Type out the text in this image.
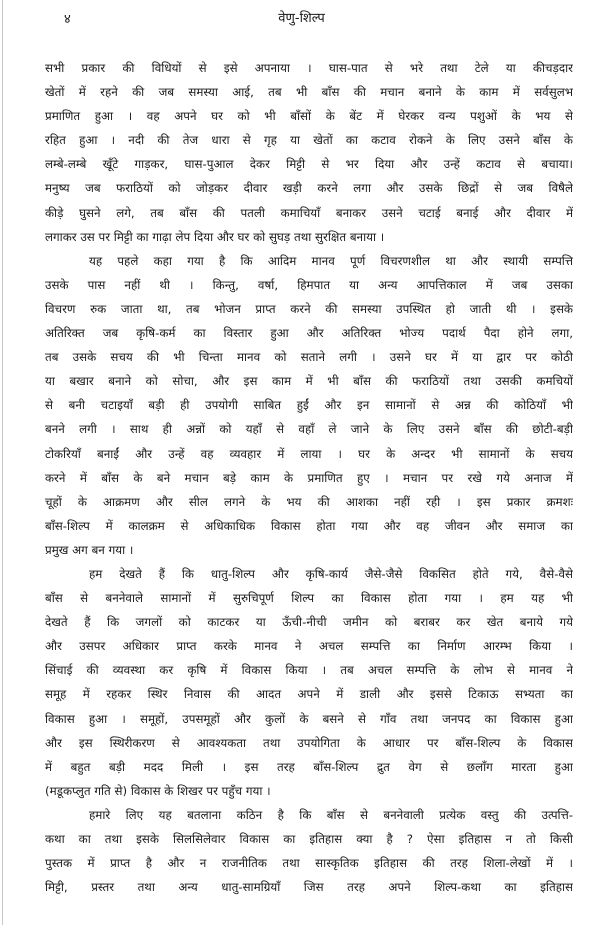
४	वेणु-शिल्प
सभी प्रकार की विधियों से इसे अपनाया । घास-पात से भरे तथा टेले या कीचड़दार
खेतों में रहने की जब समस्या आई, तब भी बाँस की मचान बनाने के काम में सर्वसुलभ
प्रमाणित हुआ । वह अपने घर को भी बाँसों के बेंट में घेरकर वन्य पशुओं के भय से
रहित हुआ । नदी की तेज धारा से गृह या खेतों का कटाव रोकने के लिए उसने बाँस के
लम्बे-लम्बे खूँटे गाड़कर, घास-पुआल देकर मिट्टी से भर दिया और उन्हें कटाव से बचाया।
मनुष्य जब फराठियों को जोड़कर दीवार खड़ी करने लगा और उसके छिद्रों से जब विषैले
कीड़े घुसने लगे, तब बाँस की पतली कमाचियाँ बनाकर उसने चटाई बनाई और दीवार में
लगाकर उस पर मिट्टी का गाढ़ा लेप दिया और घर को सुघड़ तथा सुरक्षित बनाया ।
यह पहले कहा गया है कि आदिम मानव पूर्ण विचरणशील था और स्थायी सम्पत्ति
उसके पास नहीं थी । किन्तु, वर्षा, हिमपात या अन्य आपत्तिकाल में जब उसका
विचरण रुक जाता था, तब भोजन प्राप्त करने की समस्या उपस्थित हो जाती थी । इसके
अतिरिक्त जब कृषि-कर्म का विस्तार हुआ और अतिरिक्त भोज्य पदार्थ पैदा होने लगा,
तब उसके सचय की भी चिन्ता मानव को सताने लगी । उसने घर में या द्वार पर कोठी
या बखार बनाने को सोचा, और इस काम में भी बाँस की फराठियों तथा उसकी कमचियों
से बनी चटाइयाँ बड़ी ही उपयोगी साबित हुईं और इन सामानों से अन्न की कोठियाँ भी
बनने लगी । साथ ही अन्नों को यहाँ से वहाँ ले जाने के लिए उसने बाँस की छोटी-बड़ी
टोकरियाँ बनाईं और उन्हें वह व्यवहार में लाया । घर के अन्दर भी सामानों के सचय
करने में बाँस के बने मचान बड़े काम के प्रमाणित हुए । मचान पर रखे गये अनाज में
चूहों के आक्रमण और सील लगने के भय की आशका नहीं रही । इस प्रकार क्रमशः
बाँस-शिल्प में कालक्रम से अधिकाधिक विकास होता गया और वह जीवन और समाज का
प्रमुख अग बन गया ।
हम देखते हैं कि धातु-शिल्प और कृषि-कार्य जैसे-जैसे विकसित होते गये, वैसे-वैसे
बाँस से बननेवाले सामानों में सुरुचिपूर्ण शिल्प का विकास होता गया । हम यह भी
देखते हैं कि जगलों को काटकर या ऊँची-नीची जमीन को बराबर कर खेत बनाये गये
और उसपर अधिकार प्राप्त करके मानव ने अचल सम्पत्ति का निर्माण आरम्भ किया ।
सिंचाई की व्यवस्था कर कृषि में विकास किया । तब अचल सम्पत्ति के लोभ से मानव ने
समूह में रहकर स्थिर निवास की आदत अपने में डाली और इससे टिकाऊ सभ्यता का
विकास हुआ । समूहों, उपसमूहों और कुलों के बसने से गाँव तथा जनपद का विकास हुआ
और इस स्थिरीकरण से आवश्यकता तथा उपयोगिता के आधार पर बाँस-शिल्प के विकास
में बहुत बड़ी मदद मिली । इस तरह बाँस-शिल्प द्रुत वेग से छलाँग मारता हुआ
(मडूकप्लुत गति से) विकास के शिखर पर पहुँच गया ।
हमारे लिए यह बतलाना कठिन है कि बाँस से बननेवाली प्रत्येक वस्तु की उत्पत्ति-
कथा का तथा इसके सिलसिलेवार विकास का इतिहास क्या है ? ऐसा इतिहास न तो किसी
पुस्तक में प्राप्त है और न राजनीतिक तथा सास्कृतिक इतिहास की तरह शिला-लेखों में ।
मिट्टी, प्रस्तर तथा अन्य धातु-सामग्रियाँ जिस तरह अपने शिल्प-कथा का इतिहास
